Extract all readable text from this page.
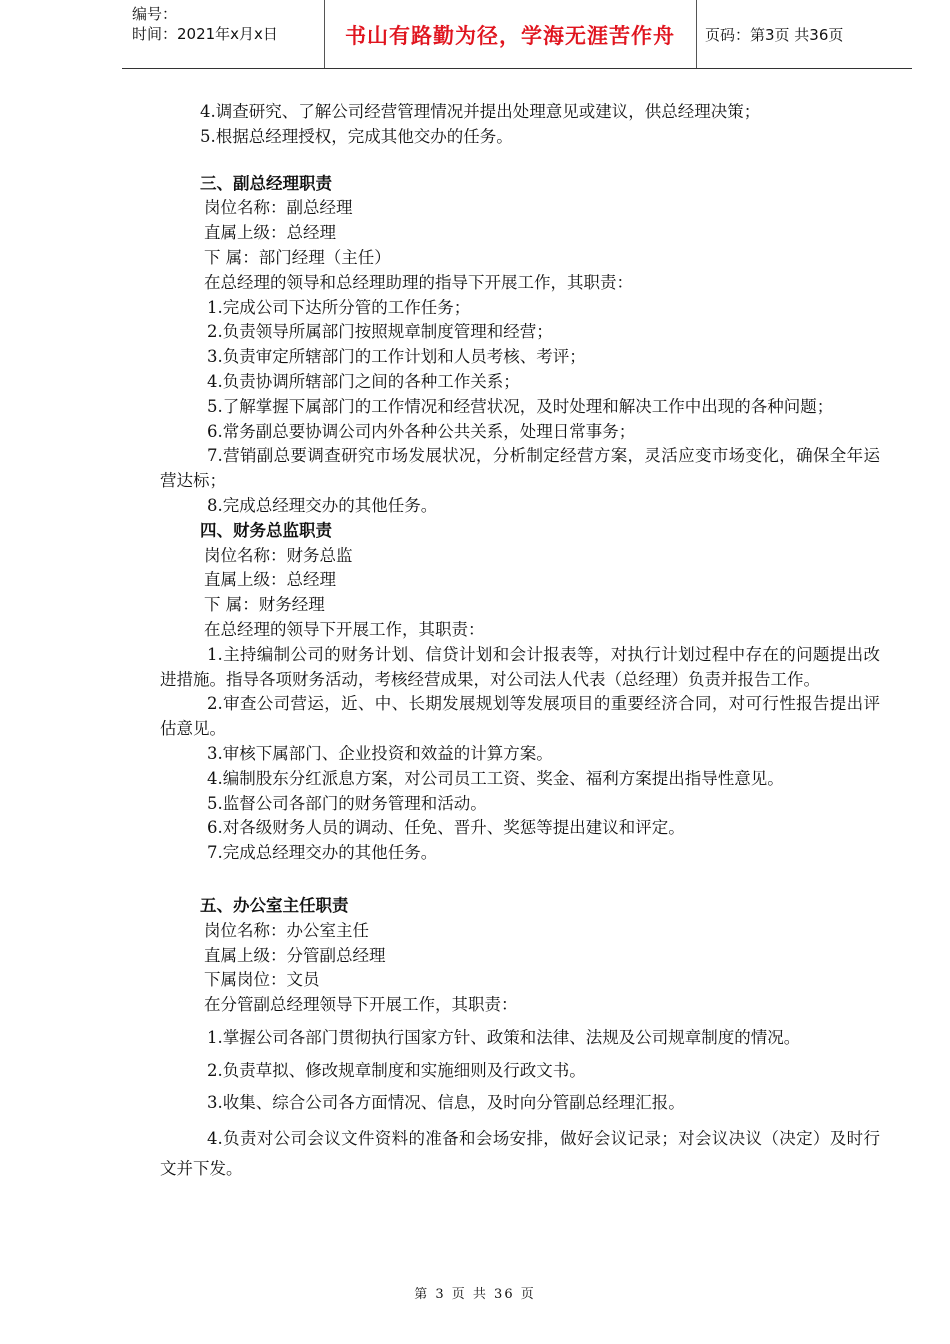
编号：
时间：2021年x月x日	书山有路勤为径，学海无涯苦作舟	页码：第3页 共36页
4.调查研究、了解公司经营管理情况并提出处理意见或建议，供总经理决策；
5.根据总经理授权，完成其他交办的任务。
三、副总经理职责
岗位名称：副总经理
直属上级：总经理
下 属：部门经理（主任）
在总经理的领导和总经理助理的指导下开展工作，其职责：
1.完成公司下达所分管的工作任务；
2.负责领导所属部门按照规章制度管理和经营；
3.负责审定所辖部门的工作计划和人员考核、考评；
4.负责协调所辖部门之间的各种工作关系；
5.了解掌握下属部门的工作情况和经营状况，及时处理和解决工作中出现的各种问题；
6.常务副总要协调公司内外各种公共关系，处理日常事务；
7.营销副总要调查研究市场发展状况，分析制定经营方案，灵活应变市场变化，确保全年运营达标；
8.完成总经理交办的其他任务。
四、财务总监职责
岗位名称：财务总监
直属上级：总经理
下 属：财务经理
在总经理的领导下开展工作，其职责：
1.主持编制公司的财务计划、信贷计划和会计报表等，对执行计划过程中存在的问题提出改进措施。指导各项财务活动，考核经营成果，对公司法人代表（总经理）负责并报告工作。
2.审查公司营运，近、中、长期发展规划等发展项目的重要经济合同，对可行性报告提出评估意见。
3.审核下属部门、企业投资和效益的计算方案。
4.编制股东分红派息方案，对公司员工工资、奖金、福利方案提出指导性意见。
5.监督公司各部门的财务管理和活动。
6.对各级财务人员的调动、任免、晋升、奖惩等提出建议和评定。
7.完成总经理交办的其他任务。
五、办公室主任职责
岗位名称：办公室主任
直属上级：分管副总经理
下属岗位：文员
在分管副总经理领导下开展工作，其职责：
1.掌握公司各部门贯彻执行国家方针、政策和法律、法规及公司规章制度的情况。
2.负责草拟、修改规章制度和实施细则及行政文书。
3.收集、综合公司各方面情况、信息，及时向分管副总经理汇报。
4.负责对公司会议文件资料的准备和会场安排，做好会议记录；对会议决议（决定）及时行文并下发。
第 3 页 共 36 页
